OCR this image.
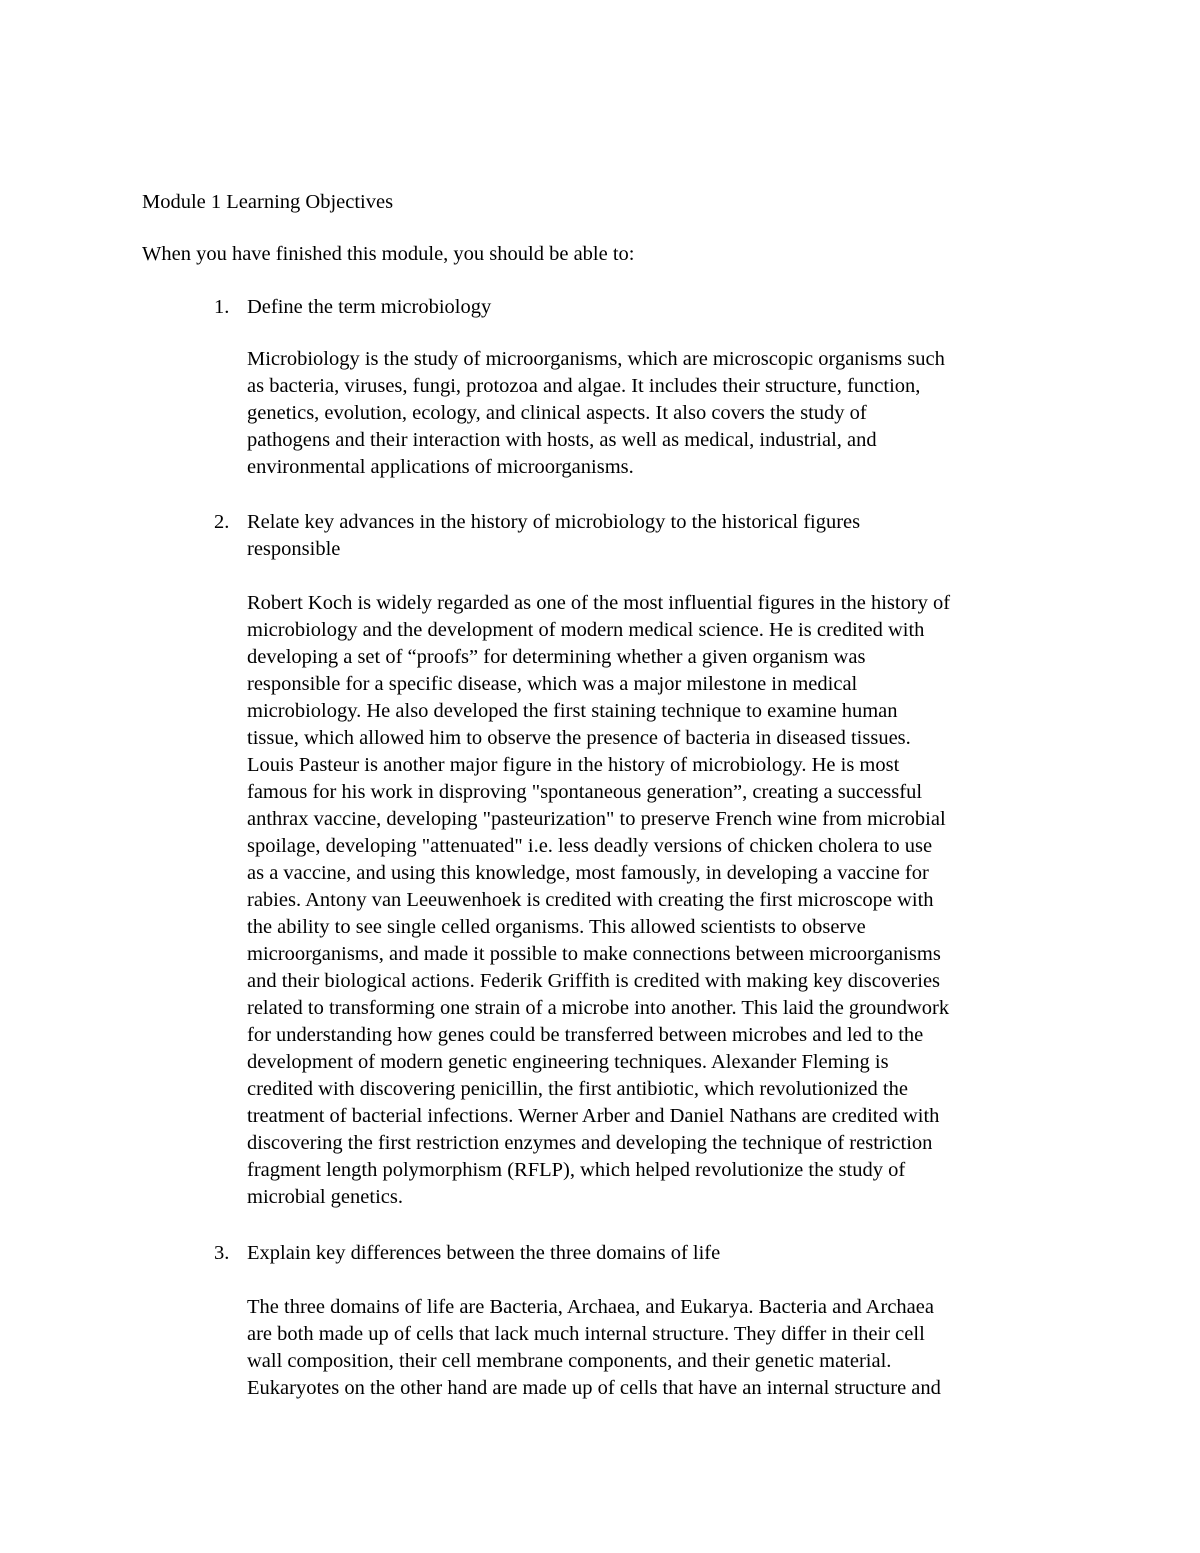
Module 1 Learning Objectives
When you have finished this module, you should be able to:
1. Define the term microbiology
Microbiology is the study of microorganisms, which are microscopic organisms such
as bacteria, viruses, fungi, protozoa and algae. It includes their structure, function,
genetics, evolution, ecology, and clinical aspects. It also covers the study of
pathogens and their interaction with hosts, as well as medical, industrial, and
environmental applications of microorganisms.
2. Relate key advances in the history of microbiology to the historical figures
responsible
Robert Koch is widely regarded as one of the most influential figures in the history of
microbiology and the development of modern medical science. He is credited with
developing a set of “proofs” for determining whether a given organism was
responsible for a specific disease, which was a major milestone in medical
microbiology. He also developed the first staining technique to examine human
tissue, which allowed him to observe the presence of bacteria in diseased tissues.
Louis Pasteur is another major figure in the history of microbiology. He is most
famous for his work in disproving "spontaneous generation”, creating a successful
anthrax vaccine, developing "pasteurization" to preserve French wine from microbial
spoilage, developing "attenuated" i.e. less deadly versions of chicken cholera to use
as a vaccine, and using this knowledge, most famously, in developing a vaccine for
rabies. Antony van Leeuwenhoek is credited with creating the first microscope with
the ability to see single celled organisms. This allowed scientists to observe
microorganisms, and made it possible to make connections between microorganisms
and their biological actions. Federik Griffith is credited with making key discoveries
related to transforming one strain of a microbe into another. This laid the groundwork
for understanding how genes could be transferred between microbes and led to the
development of modern genetic engineering techniques. Alexander Fleming is
credited with discovering penicillin, the first antibiotic, which revolutionized the
treatment of bacterial infections. Werner Arber and Daniel Nathans are credited with
discovering the first restriction enzymes and developing the technique of restriction
fragment length polymorphism (RFLP), which helped revolutionize the study of
microbial genetics.
3. Explain key differences between the three domains of life
The three domains of life are Bacteria, Archaea, and Eukarya. Bacteria and Archaea
are both made up of cells that lack much internal structure. They differ in their cell
wall composition, their cell membrane components, and their genetic material.
Eukaryotes on the other hand are made up of cells that have an internal structure and
